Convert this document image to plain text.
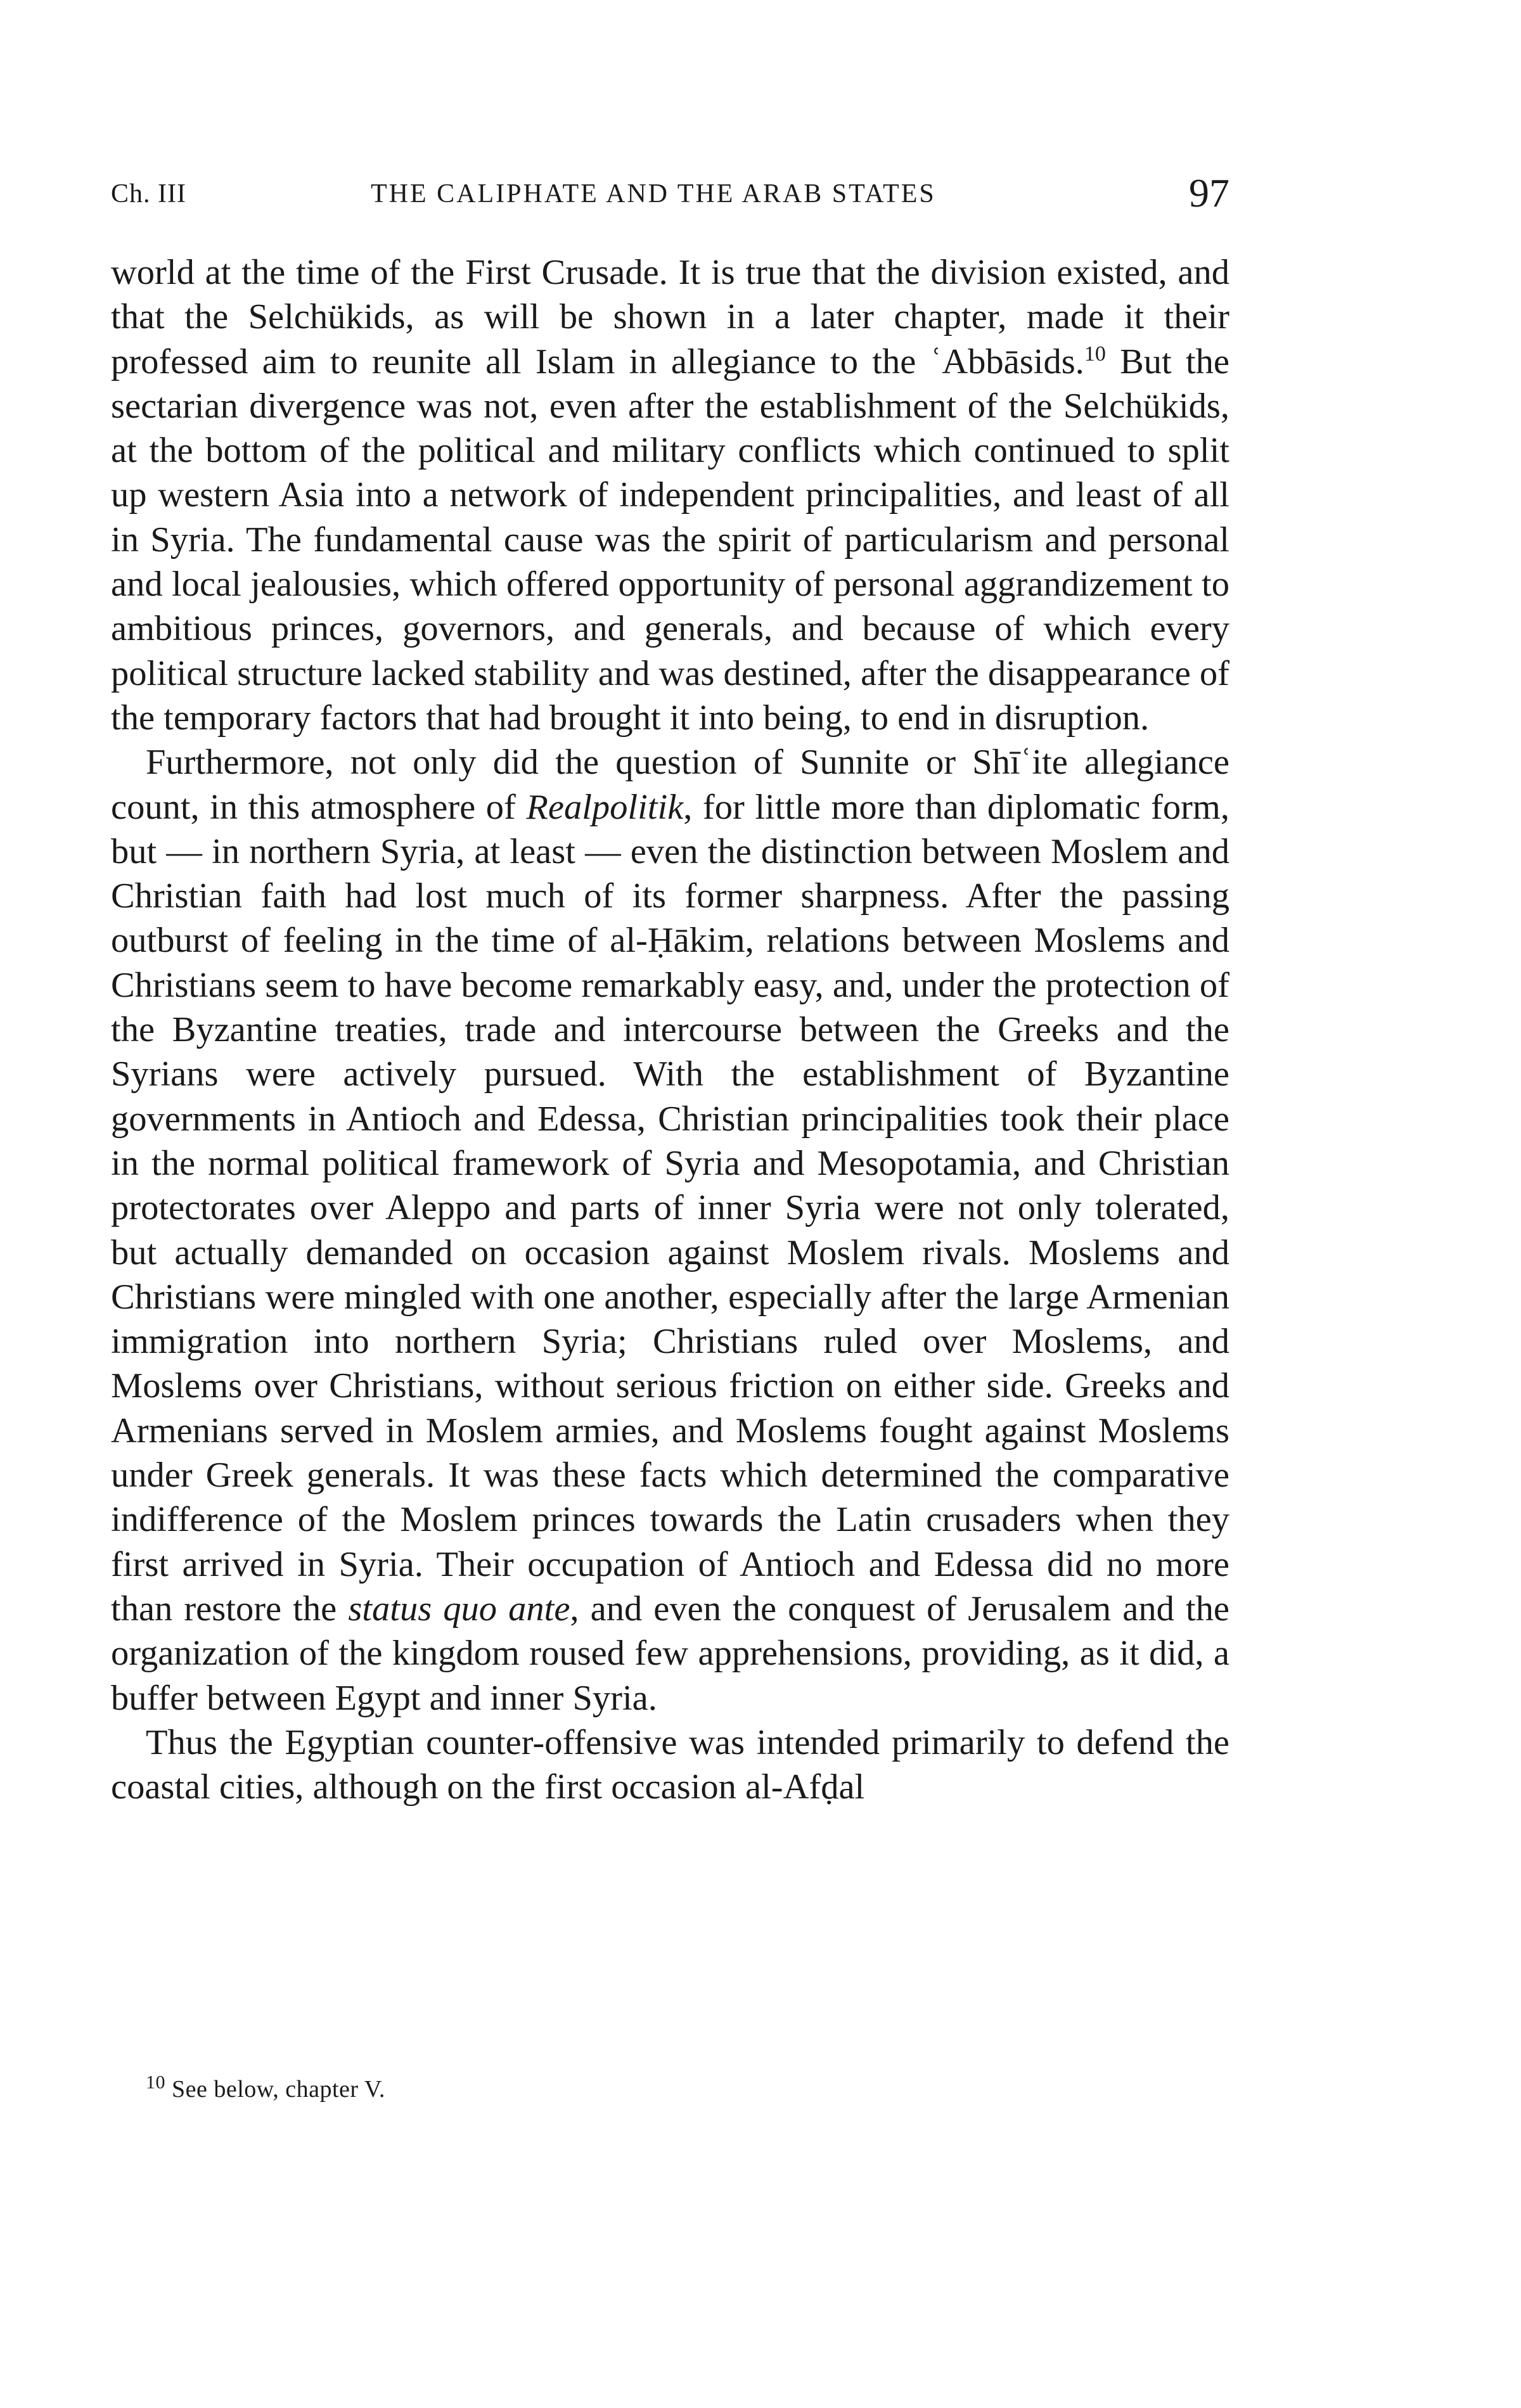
Ch. III	THE CALIPHATE AND THE ARAB STATES	97

world at the time of the First Crusade. It is true that the division existed, and that the Selchükids, as will be shown in a later chapter, made it their professed aim to reunite all Islam in allegiance to the ʿAbbāsids.$^{10}$ But the sectarian divergence was not, even after the establishment of the Selchükids, at the bottom of the political and military conflicts which continued to split up western Asia into a network of independent principalities, and least of all in Syria. The fundamental cause was the spirit of particularism and personal and local jealousies, which offered opportunity of personal aggrandizement to ambitious princes, governors, and generals, and because of which every political structure lacked stability and was destined, after the disappearance of the temporary factors that had brought it into being, to end in disruption.

Furthermore, not only did the question of Sunnite or Shīʿite allegiance count, in this atmosphere of Realpolitik, for little more than diplomatic form, but — in northern Syria, at least — even the distinction between Moslem and Christian faith had lost much of its former sharpness. After the passing outburst of feeling in the time of al-Ḥākim, relations between Moslems and Christians seem to have become remarkably easy, and, under the protection of the Byzantine treaties, trade and intercourse between the Greeks and the Syrians were actively pursued. With the establishment of Byzantine governments in Antioch and Edessa, Christian principalities took their place in the normal political framework of Syria and Mesopotamia, and Christian protectorates over Aleppo and parts of inner Syria were not only tolerated, but actually demanded on occasion against Moslem rivals. Moslems and Christians were mingled with one another, especially after the large Armenian immigration into northern Syria; Christians ruled over Moslems, and Moslems over Christians, without serious friction on either side. Greeks and Armenians served in Moslem armies, and Moslems fought against Moslems under Greek generals. It was these facts which determined the comparative indifference of the Moslem princes towards the Latin crusaders when they first arrived in Syria. Their occupation of Antioch and Edessa did no more than restore the status quo ante, and even the conquest of Jerusalem and the organization of the kingdom roused few apprehensions, providing, as it did, a buffer between Egypt and inner Syria.

Thus the Egyptian counter-offensive was intended primarily to defend the coastal cities, although on the first occasion al-Afḍal

$^{10}$ See below, chapter V.
